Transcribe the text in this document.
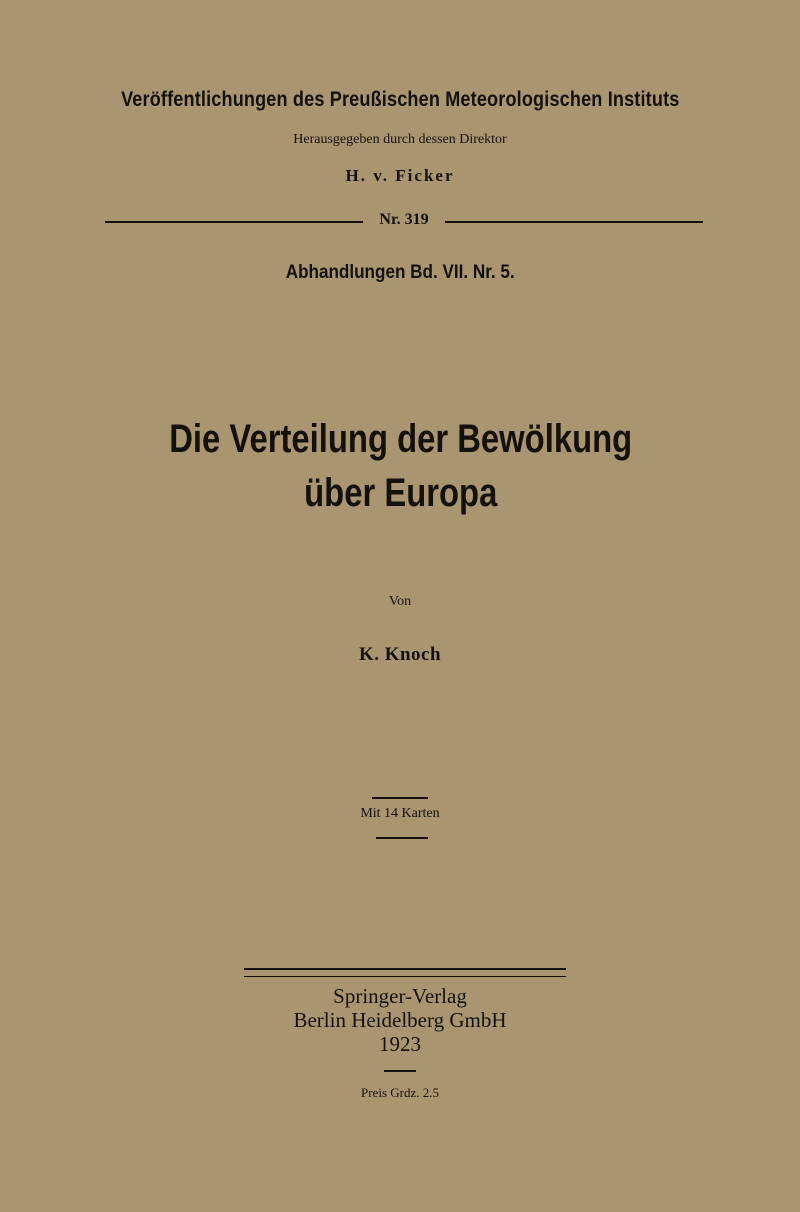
Veröffentlichungen des Preußischen Meteorologischen Instituts
Herausgegeben durch dessen Direktor
H. v. Ficker
Nr. 319
Abhandlungen Bd. VII. Nr. 5.
Die Verteilung der Bewölkung
über Europa
Von
K. Knoch
Mit 14 Karten
Springer-Verlag
Berlin Heidelberg GmbH
1923
Preis Grdz. 2.5
